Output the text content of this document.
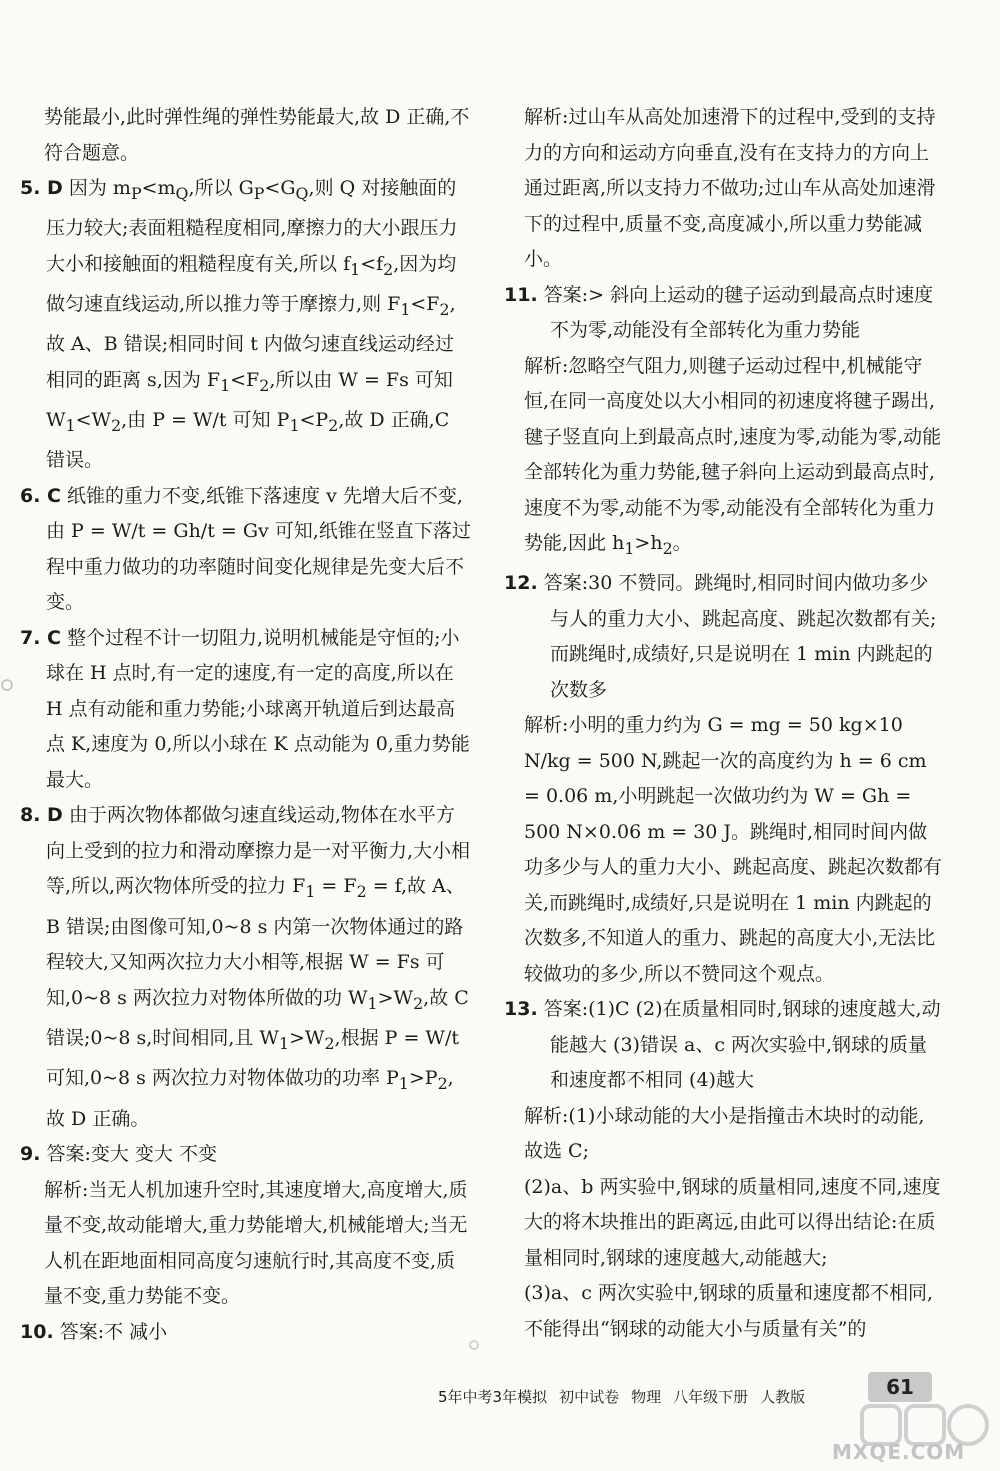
势能最小,此时弹性绳的弹性势能最大,故 D 正确,不符合题意。

5. D 因为 $m_P<m_Q$,所以 $G_P<G_Q$,则 Q 对接触面的压力较大;表面粗糙程度相同,摩擦力的大小跟压力大小和接触面的粗糙程度有关,所以 $f_1<f_2$,因为均做匀速直线运动,所以推力等于摩擦力,则 $F_1<F_2$,故 A、B 错误;相同时间 t 内做匀速直线运动经过相同的距离 s,因为 $F_1<F_2$,所以由 W = Fs 可知 $W_1<W_2$,由 P = W/t 可知 $P_1<P_2$,故 D 正确,C 错误。

6. C 纸锥的重力不变,纸锥下落速度 v 先增大后不变,由 P = W/t = Gh/t = Gv 可知,纸锥在竖直下落过程中重力做功的功率随时间变化规律是先变大后不变。

7. C 整个过程不计一切阻力,说明机械能是守恒的;小球在 H 点时,有一定的速度,有一定的高度,所以在 H 点有动能和重力势能;小球离开轨道后到达最高点 K,速度为 0,所以小球在 K 点动能为 0,重力势能最大。

8. D 由于两次物体都做匀速直线运动,物体在水平方向上受到的拉力和滑动摩擦力是一对平衡力,大小相等,所以,两次物体所受的拉力 $F_1 = F_2 = f$,故 A、B 错误;由图像可知,0~8 s 内第一次物体通过的路程较大,又知两次拉力大小相等,根据 W = Fs 可知,0~8 s 两次拉力对物体所做的功 $W_1>W_2$,故 C 错误;0~8 s,时间相同,且 $W_1>W_2$,根据 P = W/t 可知,0~8 s 两次拉力对物体做功的功率 $P_1>P_2$,故 D 正确。

9. 答案:变大 变大 不变

解析:当无人机加速升空时,其速度增大,高度增大,质量不变,故动能增大,重力势能增大,机械能增大;当无人机在距地面相同高度匀速航行时,其高度不变,质量不变,重力势能不变。

10. 答案:不 减小

解析:过山车从高处加速滑下的过程中,受到的支持力的方向和运动方向垂直,没有在支持力的方向上通过距离,所以支持力不做功;过山车从高处加速滑下的过程中,质量不变,高度减小,所以重力势能减小。

11. 答案:> 斜向上运动的毽子运动到最高点时速度不为零,动能没有全部转化为重力势能

解析:忽略空气阻力,则毽子运动过程中,机械能守恒,在同一高度处以大小相同的初速度将毽子踢出,毽子竖直向上到最高点时,速度为零,动能为零,动能全部转化为重力势能,毽子斜向上运动到最高点时,速度不为零,动能不为零,动能没有全部转化为重力势能,因此 $h_1>h_2$。

12. 答案:30 不赞同。跳绳时,相同时间内做功多少与人的重力大小、跳起高度、跳起次数都有关;而跳绳时,成绩好,只是说明在 1 min 内跳起的次数多

解析:小明的重力约为 G = mg = 50 kg×10 N/kg = 500 N,跳起一次的高度约为 h = 6 cm = 0.06 m,小明跳起一次做功约为 W = Gh = 500 N×0.06 m = 30 J。跳绳时,相同时间内做功多少与人的重力大小、跳起高度、跳起次数都有关,而跳绳时,成绩好,只是说明在 1 min 内跳起的次数多,不知道人的重力、跳起的高度大小,无法比较做功的多少,所以不赞同这个观点。

13. 答案:(1)C (2)在质量相同时,钢球的速度越大,动能越大 (3)错误 a、c 两次实验中,钢球的质量和速度都不相同 (4)越大

解析:(1)小球动能的大小是指撞击木块时的动能,故选 C;

(2)a、b 两实验中,钢球的质量相同,速度不同,速度大的将木块推出的距离远,由此可以得出结论:在质量相同时,钢球的速度越大,动能越大;

(3)a、c 两次实验中,钢球的质量和速度都不相同,不能得出“钢球的动能大小与质量有关”的

5年中考3年模拟 初中试卷 物理 八年级下册 人教版	61
MXQE.COM
